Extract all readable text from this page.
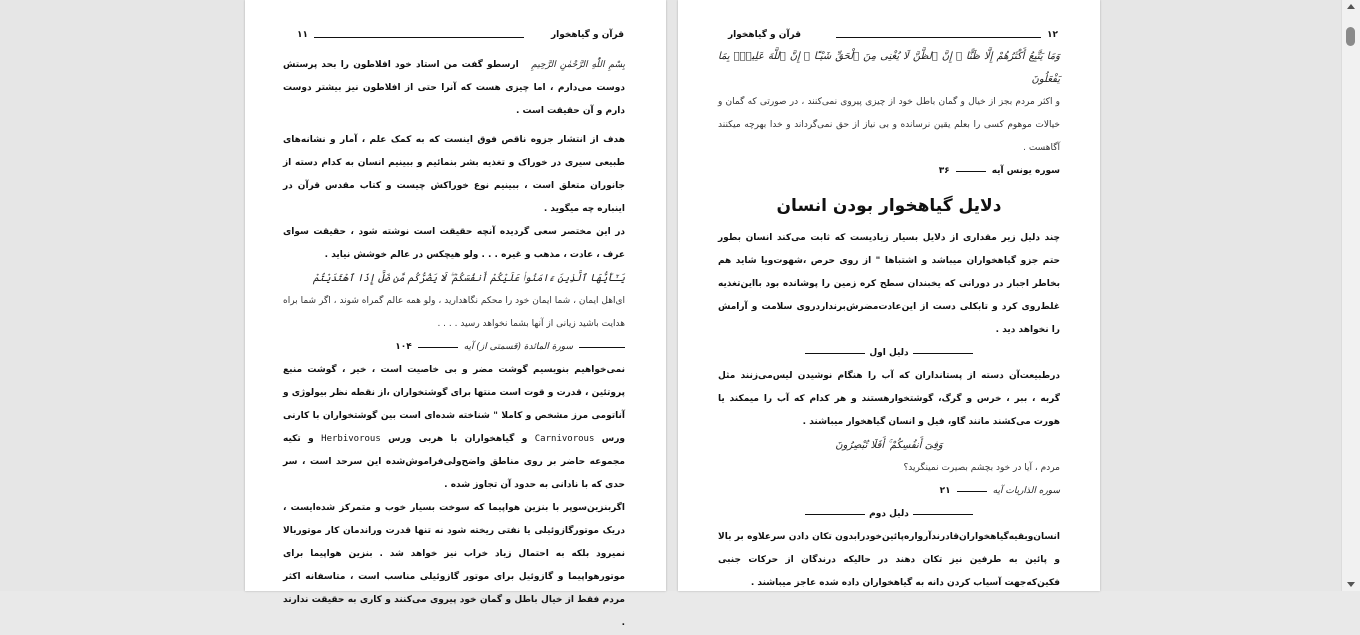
قرآن و گیاهخوار
۱۱

بِسْمِ اللّٰهِ الرَّحْمٰنِ الرَّحِيمِ   ارسطو گفت من استاد خود افلاطون را بحد پرستش دوست می‌دارم ، اما چیزی هست که آنرا حتی از افلاطون نیز بیشتر دوست دارم و آن حقیقت است .

هدف از انتشار جزوه ناقص فوق اینست که به کمک علم ، آمار و نشانه‌های طبیعی سیری در خوراک و تغذیه بشر بنمائیم و ببینیم انسان به کدام دسته از جانوران متعلق است ، ببینیم نوع خوراکش چیست و کتاب مقدس قرآن در اینباره چه میگوید .

در این مختصر سعی گردیده آنچه حقیقت است نوشته شود ، حقیقت سوای عرف ، عادت ، مذهب و غیره . . . ولو هیچکس در عالم خوشش نیاید .

يَـٰٓأَيُّهَا ٱلَّذِينَ ءَامَنُوا۟ عَلَيْكُمْ أَنفُسَكُمْ ۖ لَا يَضُرُّكُم مَّن ضَلَّ إِذَا ٱهْتَدَيْتُمْ

ای‌اهل ایمان ، شما ایمان خود را محکم نگاهدارید ، ولو همه عالم گمراه شوند ، اگر شما براه هدایت باشید زیانی از آنها بشما نخواهد رسید . . . .

سورة المائدة (قسمتی از) آیه
۱۰۴

نمی‌خواهیم بنویسیم گوشت مضر و بی خاصیت است ، خیر ، گوشت منبع پروتئین ، قدرت و قوت است منتها برای گوشتخواران ،از نقطه نظر بیولوژی و آناتومی مرز مشخص و کاملا " شناخته شده‌ای است بین گوشتخواران با کارنی ورس Carnivorous و گیاهخواران با هربی ورس Herbivorous و تکیه مجموعه‌ حاضر بر روی مناطق واضح‌ولی‌فراموش‌شده‌ این سرحد است ، سر حدی که با نادانی به حدود آن تجاوز شده .

اگربنزین‌سوپر با بنزین هواپیما که سوخت بسیار خوب و متمرکز شده‌ایست ، دریک موتورگازوئیلی یا نفتی ریخته شود نه تنها قدرت وراندمان کار موتوربالا نمیرود بلکه به احتمال زیاد خراب نیز خواهد شد . بنزین هواپیما برای موتورهواپیما و گازوئیل برای موتور گازوئیلی مناسب است ، متاسفانه اکثر مردم فقط از خیال باطل و گمان خود پیروی می‌کنند و کاری به حقیقت ندارند .

قرآن و گیاهخوار	۱۲

وَمَا يَتَّبِعُ أَكْثَرُهُمْ إِلَّا ظَنًّا ۚ إِنَّ ٱلظَّنَّ لَا يُغْنِى مِنَ ٱلْحَقِّ شَيْـًٔا ۚ إِنَّ ٱللَّهَ عَلِيمٌۢ بِمَا يَفْعَلُونَ

و اکثر مردم بجز از خیال و گمان باطل خود از چیزی پیروی نمی‌کنند ، در صورتی که گمان و خیالات موهوم کسی را بعلم یقین نرسانده و بی نیاز از حق نمی‌گرداند و خدا بهرچه میکنند آگاهست .

سوره یونس آیه
۳۶
دلایل گیاهخوار بودن انسان

چند دلیل زیر مقداری از دلایل بسیار زیادیست که ثابت می‌کند انسان بطور حتم جزو گیاهخواران میباشد و اشتباها " از روی حرص ،شهوت‌ویا شاید هم بخاطر اجبار در دورانی که یخبندان سطح کره زمین را پوشانده بود بااین‌تغذیه غلط‌روی کرد و تابکلی دست از این‌عادت‌مضرش‌برندارد‌روی سلامت و آرامش را نخواهد دید .

دلیل اول

درطبیعت‌آن دسته از پستانداران که آب را هنگام نوشیدن لیس‌می‌زنند مثل گربه ، ببر ، خرس و گرگ، گوشتخوارهستند و هر کدام که آب را میمکند یا هورت می‌کشند مانند گاو، فیل و انسان گیاهخوار میباشند .

وَفِىٓ أَنفُسِكُمْ ۚ أَفَلَا تُبْصِرُونَ

مردم ، آیا در خود بچشم بصیرت نمینگرید؟

سوره الذاریات آیه
۲۱
دلیل دوم

انسان‌وبقیه‌گیاهخواران‌قادرند‌آرواره‌پائین‌خود‌رابدون تکان دادن سرعلاوه بر بالا و پائین به طرفین نیز تکان دهند در حالیکه درندگان از حرکات جنبی فکین‌که‌جهت آسیاب کردن دانه به گیاهخواران داده شده عاجز میباشند .
